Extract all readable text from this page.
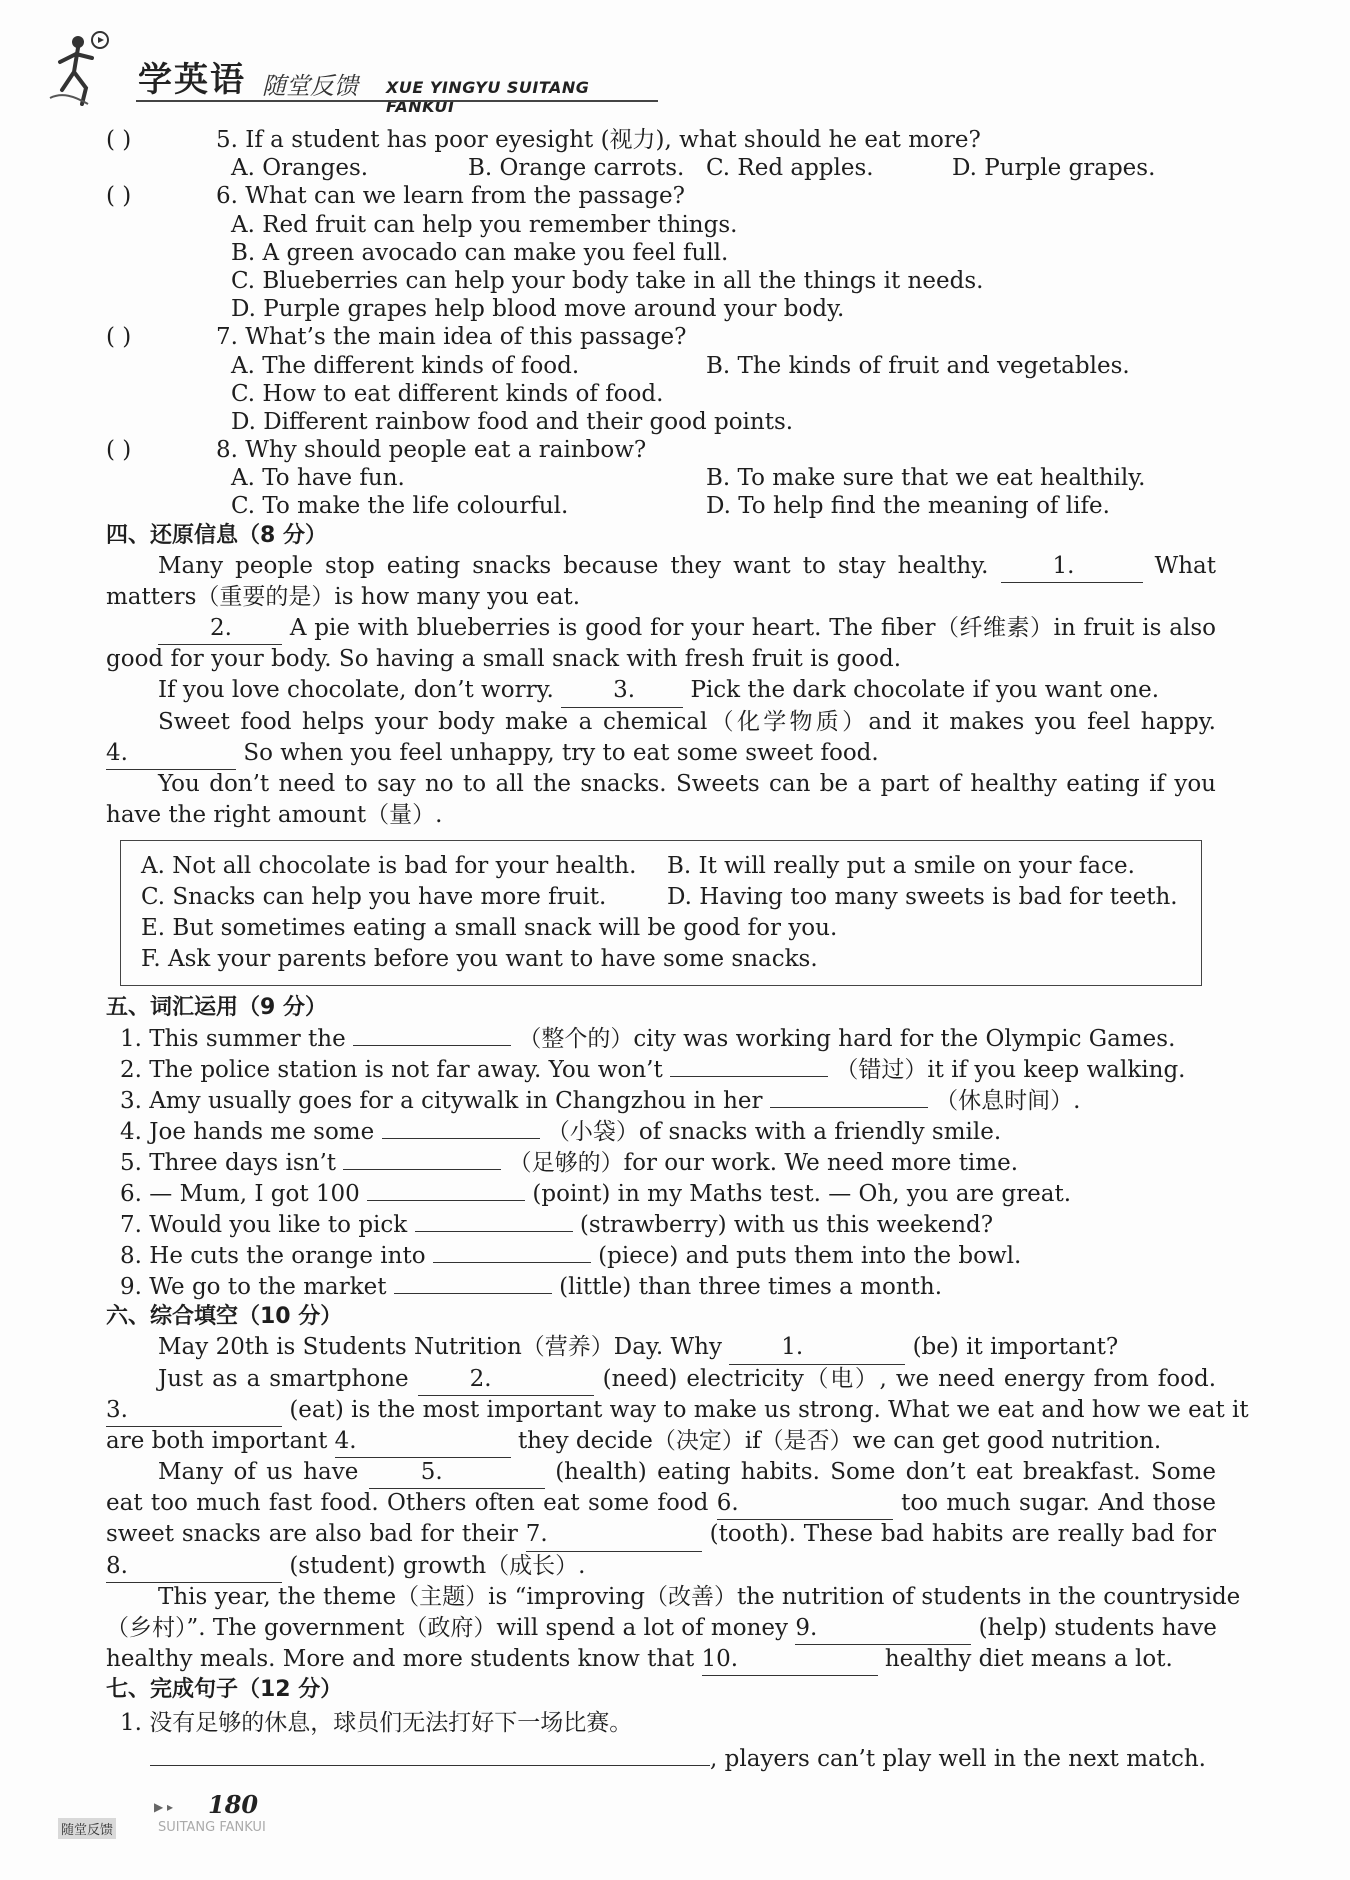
学英语 随堂反馈 XUE YINGYU SUITANG FANKUI
( )	5. If a student has poor eyesight (视力), what should he eat more?
A. Oranges.	B. Orange carrots. C. Red apples.	D. Purple grapes.
( )	6. What can we learn from the passage?
A. Red fruit can help you remember things.
B. A green avocado can make you feel full.
C. Blueberries can help your body take in all the things it needs.
D. Purple grapes help blood move around your body.
( )	7. What’s the main idea of this passage?
A. The different kinds of food.	B. The kinds of fruit and vegetables.
C. How to eat different kinds of food.
D. Different rainbow food and their good points.
( )	8. Why should people eat a rainbow?
A. To have fun.	B. To make sure that we eat healthily.
C. To make the life colourful.	D. To help find the meaning of life.
四、还原信息（8 分）
Many people stop eating snacks because they want to stay healthy.	1.	What
matters（重要的是）is how many you eat.
2.	A pie with blueberries is good for your heart. The fiber（纤维素）in fruit is also
good for your body. So having a small snack with fresh fruit is good.
If you love chocolate, don’t worry.	3. Pick the dark chocolate if you want one.
Sweet food helps your body make a chemical（化学物质）and it makes you feel happy.
4.	So when you feel unhappy, try to eat some sweet food.
You don’t need to say no to all the snacks. Sweets can be a part of healthy eating if you
have the right amount（量）.
A. Not all chocolate is bad for your health. B. It will really put a smile on your face.
C. Snacks can help you have more fruit.	D. Having too many sweets is bad for teeth.
E. But sometimes eating a small snack will be good for you.
F. Ask your parents before you want to have some snacks.
五、词汇运用（9 分）
1. This summer the	（整个的）city was working hard for the Olympic Games.
2. The police station is not far away. You won’t	（错过）it if you keep walking.
3. Amy usually goes for a citywalk in Changzhou in her	（休息时间）.
4. Joe hands me some	（小袋）of snacks with a friendly smile.
5. Three days isn’t	（足够的）for our work. We need more time.
6. — Mum, I got 100	(point) in my Maths test. — Oh, you are great.
7. Would you like to pick	(strawberry) with us this weekend?
8. He cuts the orange into	(piece) and puts them into the bowl.
9. We go to the market	(little) than three times a month.
六、综合填空（10 分）
May 20th is Students Nutrition（营养）Day. Why	1.	(be) it important?
Just as a smartphone	2.	(need) electricity（电）, we need energy from food.
3.	(eat) is the most important way to make us strong. What we eat and how we eat it
are both important 4.	they decide（决定）if（是否）we can get good nutrition.
Many of us have	5.	(health) eating habits. Some don’t eat breakfast. Some
eat too much fast food. Others often eat some food 6.	too much sugar. And those
sweet snacks are also bad for their 7.	(tooth). These bad habits are really bad for
8.	(student) growth（成长）.
This year, the theme（主题）is “improving（改善）the nutrition of students in the countryside
（乡村）”. The government（政府）will spend a lot of money 9.	(help) students have
healthy meals. More and more students know that 10.	healthy diet means a lot.
七、完成句子（12 分）
1. 没有足够的休息，球员们无法打好下一场比赛。
, players can’t play well in the next match.
▶ ▸ 180
随堂反馈	SUITANG FANKUI
